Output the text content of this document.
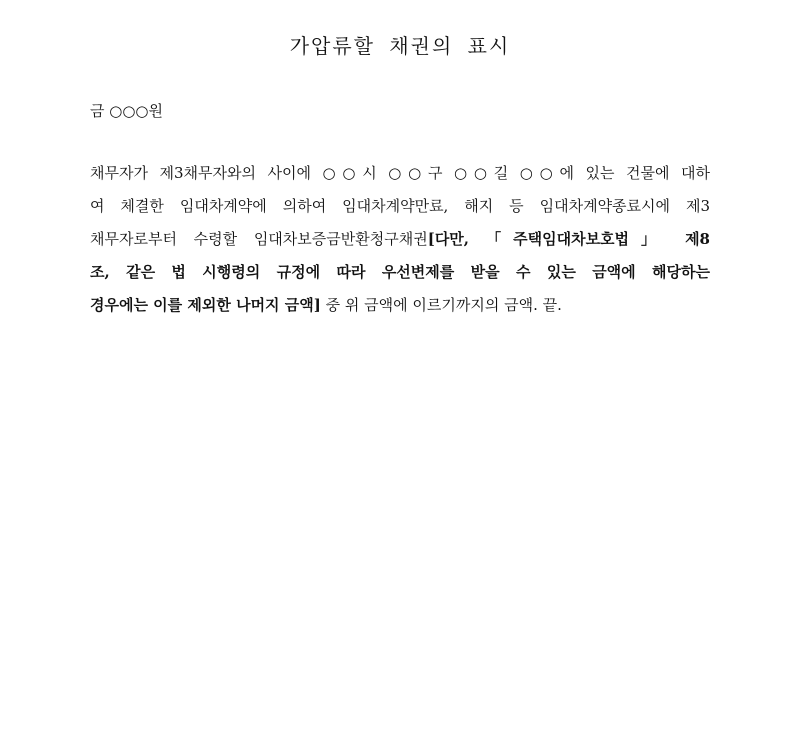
가압류할 채권의 표시
금 ○○○원
채무자가 제3채무자와의 사이에 ○○시 ○○구 ○○길 ○○에 있는 건물에 대하
여 체결한 임대차계약에 의하여 임대차계약만료, 해지 등 임대차계약종료시에 제3
채무자로부터 수령할 임대차보증금반환청구채권[다만, 「주택임대차보호법」 제8
조, 같은 법 시행령의 규정에 따라 우선변제를 받을 수 있는 금액에 해당하는
경우에는 이를 제외한 나머지 금액] 중 위 금액에 이르기까지의 금액. 끝.
